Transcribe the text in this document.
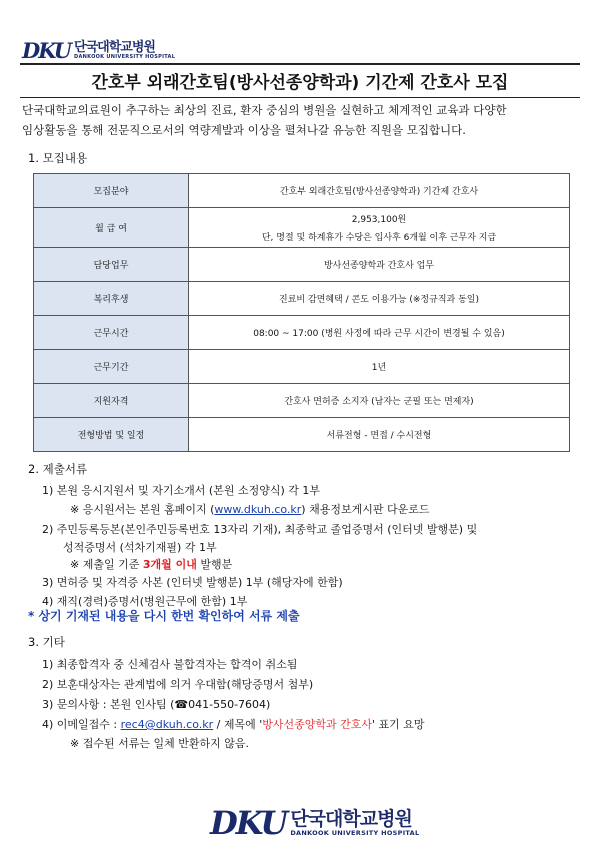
DKU 단국대학교병원
DANKOOK UNIVERSITY HOSPITAL
간호부 외래간호팀(방사선종양학과) 기간제 간호사 모집
단국대학교의료원이 추구하는 최상의 진료, 환자 중심의 병원을 실현하고 체계적인 교육과 다양한
임상활동을 통해 전문직으로서의 역량계발과 이상을 펼쳐나갈 유능한 직원을 모집합니다.
1. 모집내용
모집분야	간호부 외래간호팀(방사선종양학과) 기간제 간호사
월 급 여	2,953,100원
단, 명절 및 하계휴가 수당은 입사후 6개월 이후 근무자 지급

담당업무	방사선종양학과 간호사 업무
복리후생	진료비 감면혜택 / 콘도 이용가능 (※정규직과 동일)
근무시간	08:00 ~ 17:00 (병원 사정에 따라 근무 시간이 변경될 수 있음)
근무기간	1년
지원자격	간호사 면허증 소지자 (남자는 군필 또는 면제자)
전형방법 및 일정	서류전형 - 면접 / 수시전형
2. 제출서류
1) 본원 응시지원서 및 자기소개서 (본원 소정양식) 각 1부
※ 응시원서는 본원 홈페이지 (www.dkuh.co.kr) 채용정보게시판 다운로드
2) 주민등록등본(본인주민등록번호 13자리 기재), 최종학교 졸업증명서 (인터넷 발행분) 및
성적증명서 (석차기재필) 각 1부
※ 제출일 기준 3개월 이내 발행분
3) 면허증 및 자격증 사본 (인터넷 발행분) 1부 (해당자에 한함)
4) 재직(경력)증명서(병원근무에 한함) 1부
* 상기 기재된 내용을 다시 한번 확인하여 서류 제출
3. 기타
1) 최종합격자 중 신체검사 불합격자는 합격이 취소됨
2) 보훈대상자는 관계법에 의거 우대함(해당증명서 첨부)
3) 문의사항 : 본원 인사팀 (☎041-550-7604)
4) 이메일접수 : rec4@dkuh.co.kr / 제목에 '방사선종양학과 간호사' 표기 요망
※ 접수된 서류는 일체 반환하지 않음.
DKU 단국대학교병원
DANKOOK UNIVERSITY HOSPITAL
